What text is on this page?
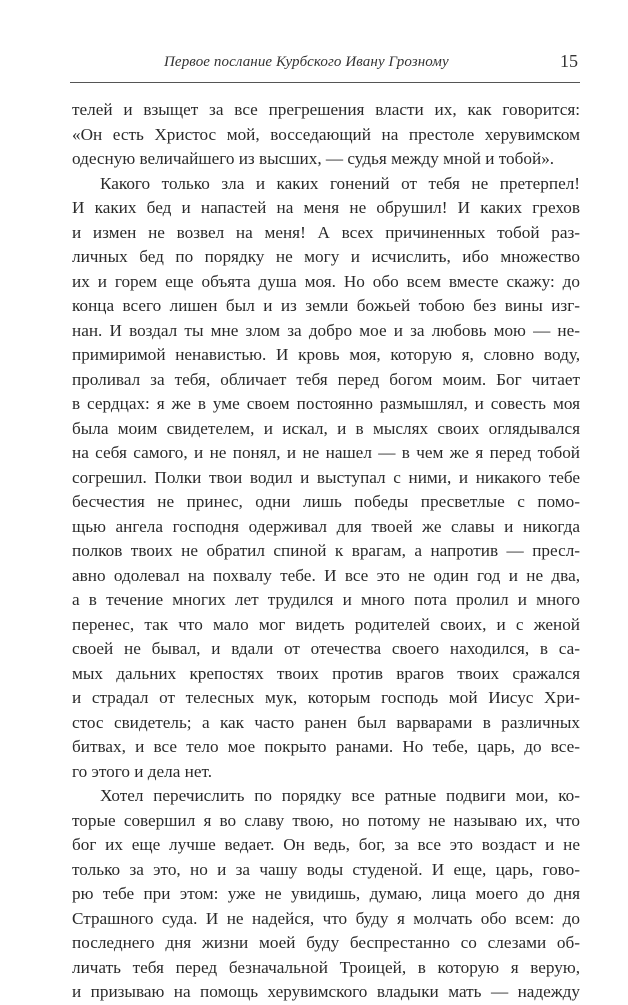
Первое послание Курбского Ивану Грозному	15
телей и взыщет за все прегрешения власти их, как говорится:
«Он есть Христос мой, восседающий на престоле херувимском
одесную величайшего из высших, — судья между мной и тобой».
Какого только зла и каких гонений от тебя не претерпел!
И каких бед и напастей на меня не обрушил! И каких грехов
и измен не возвел на меня! А всех причиненных тобой раз-
личных бед по порядку не могу и исчислить, ибо множество
их и горем еще объята душа моя. Но обо всем вместе скажу: до
конца всего лишен был и из земли божьей тобою без вины изг-
нан. И воздал ты мне злом за добро мое и за любовь мою — не-
примиримой ненавистью. И кровь моя, которую я, словно воду,
проливал за тебя, обличает тебя перед богом моим. Бог читает
в сердцах: я же в уме своем постоянно размышлял, и совесть моя
была моим свидетелем, и искал, и в мыслях своих оглядывался
на себя самого, и не понял, и не нашел — в чем же я перед тобой
согрешил. Полки твои водил и выступал с ними, и никакого тебе
бесчестия не принес, одни лишь победы пресветлые с помо-
щью ангела господня одерживал для твоей же славы и никогда
полков твоих не обратил спиной к врагам, а напротив — пресл-
авно одолевал на похвалу тебе. И все это не один год и не два,
а в течение многих лет трудился и много пота пролил и много
перенес, так что мало мог видеть родителей своих, и с женой
своей не бывал, и вдали от отечества своего находился, в са-
мых дальних крепостях твоих против врагов твоих сражался
и страдал от телесных мук, которым господь мой Иисус Хри-
стос свидетель; а как часто ранен был варварами в различных
битвах, и все тело мое покрыто ранами. Но тебе, царь, до все-
го этого и дела нет.
Хотел перечислить по порядку все ратные подвиги мои, ко-
торые совершил я во славу твою, но потому не называю их, что
бог их еще лучше ведает. Он ведь, бог, за все это воздаст и не
только за это, но и за чашу воды студеной. И еще, царь, гово-
рю тебе при этом: уже не увидишь, думаю, лица моего до дня
Страшного суда. И не надейся, что буду я молчать обо всем: до
последнего дня жизни моей буду беспрестанно со слезами об-
личать тебя перед безначальной Троицей, в которую я верую,
и призываю на помощь херувимского владыки мать — надежду
